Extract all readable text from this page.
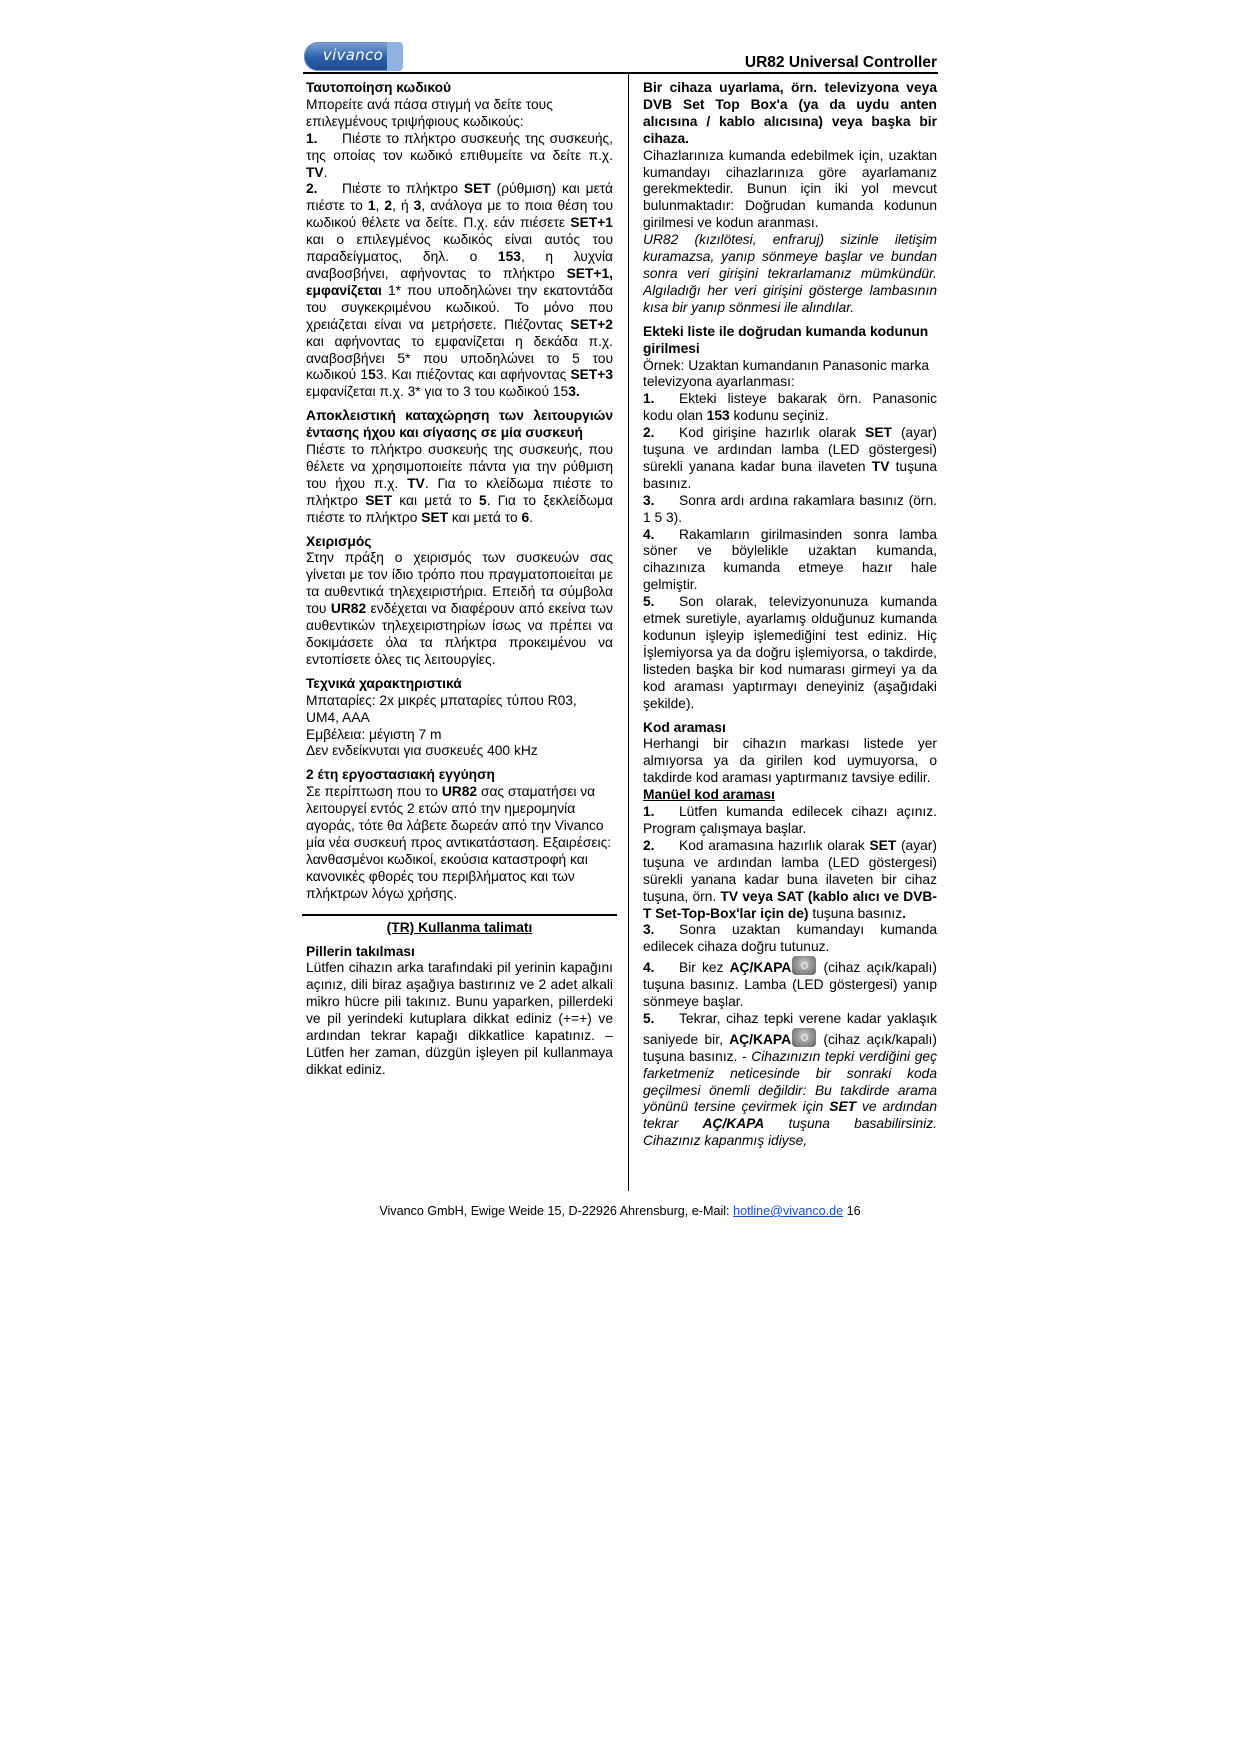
vivanco	UR82 Universal Controller

Ταυτοποίηση κωδικού

Μπορείτε ανά πάσα στιγμή να δείτε τους επιλεγμένους τριψήφιους κωδικούς:

1. Πιέστε το πλήκτρο συσκευής της συσκευής, της οποίας τον κωδικό επιθυμείτε να δείτε π.χ. TV.

2. Πιέστε το πλήκτρο SET (ρύθμιση) και μετά πιέστε το 1, 2, ή 3, ανάλογα με το ποια θέση του κωδικού θέλετε να δείτε. Π.χ. εάν πιέσετε SET+1 και ο επιλεγμένος κωδικός είναι αυτός του παραδείγματος, δηλ. ο 153, η λυχνία αναβοσβήνει, αφήνοντας το πλήκτρο SET+1, εμφανίζεται 1* που υποδηλώνει την εκατοντάδα του συγκεκριμένου κωδικού. Το μόνο που χρειάζεται είναι να μετρήσετε. Πιέζοντας SET+2 και αφήνοντας το εμφανίζεται η δεκάδα π.χ. αναβοσβήνει 5* που υποδηλώνει το 5 του κωδικού 153. Και πιέζοντας και αφήνοντας SET+3 εμφανίζεται π.χ. 3* για το 3 του κωδικού 153.

Αποκλειστική καταχώρηση των λειτουργιών έντασης ήχου και σίγασης σε μία συσκευή

Πιέστε το πλήκτρο συσκευής της συσκευής, που θέλετε να χρησιμοποιείτε πάντα για την ρύθμιση του ήχου π.χ. TV. Για το κλείδωμα πιέστε το πλήκτρο SET και μετά το 5. Για το ξεκλείδωμα πιέστε το πλήκτρο SET και μετά το 6.

Χειρισμός

Στην πράξη ο χειρισμός των συσκευών σας γίνεται με τον ίδιο τρόπο που πραγματοποιείται με τα αυθεντικά τηλεχειριστήρια. Επειδή τα σύμβολα του UR82 ενδέχεται να διαφέρουν από εκείνα των αυθεντικών τηλεχειριστηρίων ίσως να πρέπει να δοκιμάσετε όλα τα πλήκτρα προκειμένου να εντοπίσετε όλες τις λειτουργίες.

Τεχνικά χαρακτηριστικά

Μπαταρίες: 2x μικρές μπαταρίες τύπου R03, UM4, AAA

Εμβέλεια: μέγιστη 7 m

Δεν ενδείκνυται για συσκευές 400 kHz

2 έτη εργοστασιακή εγγύηση

Σε περίπτωση που το UR82 σας σταματήσει να λειτουργεί εντός 2 ετών από την ημερομηνία αγοράς, τότε θα λάβετε δωρεάν από την Vivanco μία νέα συσκευή προς αντικατάσταση. Εξαιρέσεις: λανθασμένοι κωδικοί, εκούσια καταστροφή και κανονικές φθορές του περιβλήματος και των πλήκτρων λόγω χρήσης.

(TR) Kullanma talimatı

Pillerin takılması

Lütfen cihazın arka tarafındaki pil yerinin kapağını açınız, dili biraz aşağıya bastırınız ve 2 adet alkali mikro hücre pili takınız. Bunu yaparken, pillerdeki ve pil yerindeki kutuplara dikkat ediniz (+=+) ve ardından tekrar kapağı dikkatlice kapatınız. – Lütfen her zaman, düzgün işleyen pil kullanmaya dikkat ediniz.

Bir cihaza uyarlama, örn. televizyona veya DVB Set Top Box'a (ya da uydu anten alıcısına / kablo alıcısına) veya başka bir cihaza.

Cihazlarınıza kumanda edebilmek için, uzaktan kumandayı cihazlarınıza göre ayarlamanız gerekmektedir. Bunun için iki yol mevcut bulunmaktadır: Doğrudan kumanda kodunun girilmesi ve kodun aranması.

UR82 (kızılötesi, enfraruj) sizinle iletişim kuramazsa, yanıp sönmeye başlar ve bundan sonra veri girişini tekrarlamanız mümkündür. Algıladığı her veri girişini gösterge lambasının kısa bir yanıp sönmesi ile alındılar.

Ekteki liste ile doğrudan kumanda kodunun girilmesi

Örnek: Uzaktan kumandanın Panasonic marka televizyona ayarlanması:

1. Ekteki listeye bakarak örn. Panasonic kodu olan 153 kodunu seçiniz.

2. Kod girişine hazırlık olarak SET (ayar) tuşuna ve ardından lamba (LED göstergesi) sürekli yanana kadar buna ilaveten TV tuşuna basınız.

3. Sonra ardı ardına rakamlara basınız (örn. 1 5 3).

4. Rakamların girilmasinden sonra lamba söner ve böylelikle uzaktan kumanda, cihazınıza kumanda etmeye hazır hale gelmiştir.

5. Son olarak, televizyonunuza kumanda etmek suretiyle, ayarlamış olduğunuz kumanda kodunun işleyip işlemediğini test ediniz. Hiç İşlemiyorsa ya da doğru işlemiyorsa, o takdirde, listeden başka bir kod numarası girmeyi ya da kod araması yaptırmayı deneyiniz (aşağıdaki şekilde).

Kod araması

Herhangi bir cihazın markası listede yer almıyorsa ya da girilen kod uymuyorsa, o takdirde kod araması yaptırmanız tavsiye edilir.

Manüel kod araması

1. Lütfen kumanda edilecek cihazı açınız. Program çalışmaya başlar.

2. Kod aramasına hazırlık olarak SET (ayar) tuşuna ve ardından lamba (LED göstergesi) sürekli yanana kadar buna ilaveten bir cihaz tuşuna, örn. TV veya SAT (kablo alıcı ve DVB-T Set-Top-Box'lar için de) tuşuna basınız.

3. Sonra uzaktan kumandayı kumanda edilecek cihaza doğru tutunuz.

4. Bir kez AÇ/KAPA (cihaz açık/kapalı) tuşuna basınız. Lamba (LED göstergesi) yanıp sönmeye başlar.

5. Tekrar, cihaz tepki verene kadar yaklaşık saniyede bir, AÇ/KAPA (cihaz açık/kapalı) tuşuna basınız. - Cihazınızın tepki verdiğini geç farketmeniz neticesinde bir sonraki koda geçilmesi önemli değildir: Bu takdirde arama yönünü tersine çevirmek için SET ve ardından tekrar AÇ/KAPA tuşuna basabilirsiniz. Cihazınız kapanmış idiyse,

Vivanco GmbH, Ewige Weide 15, D-22926 Ahrensburg, e-Mail: hotline@vivanco.de 16
